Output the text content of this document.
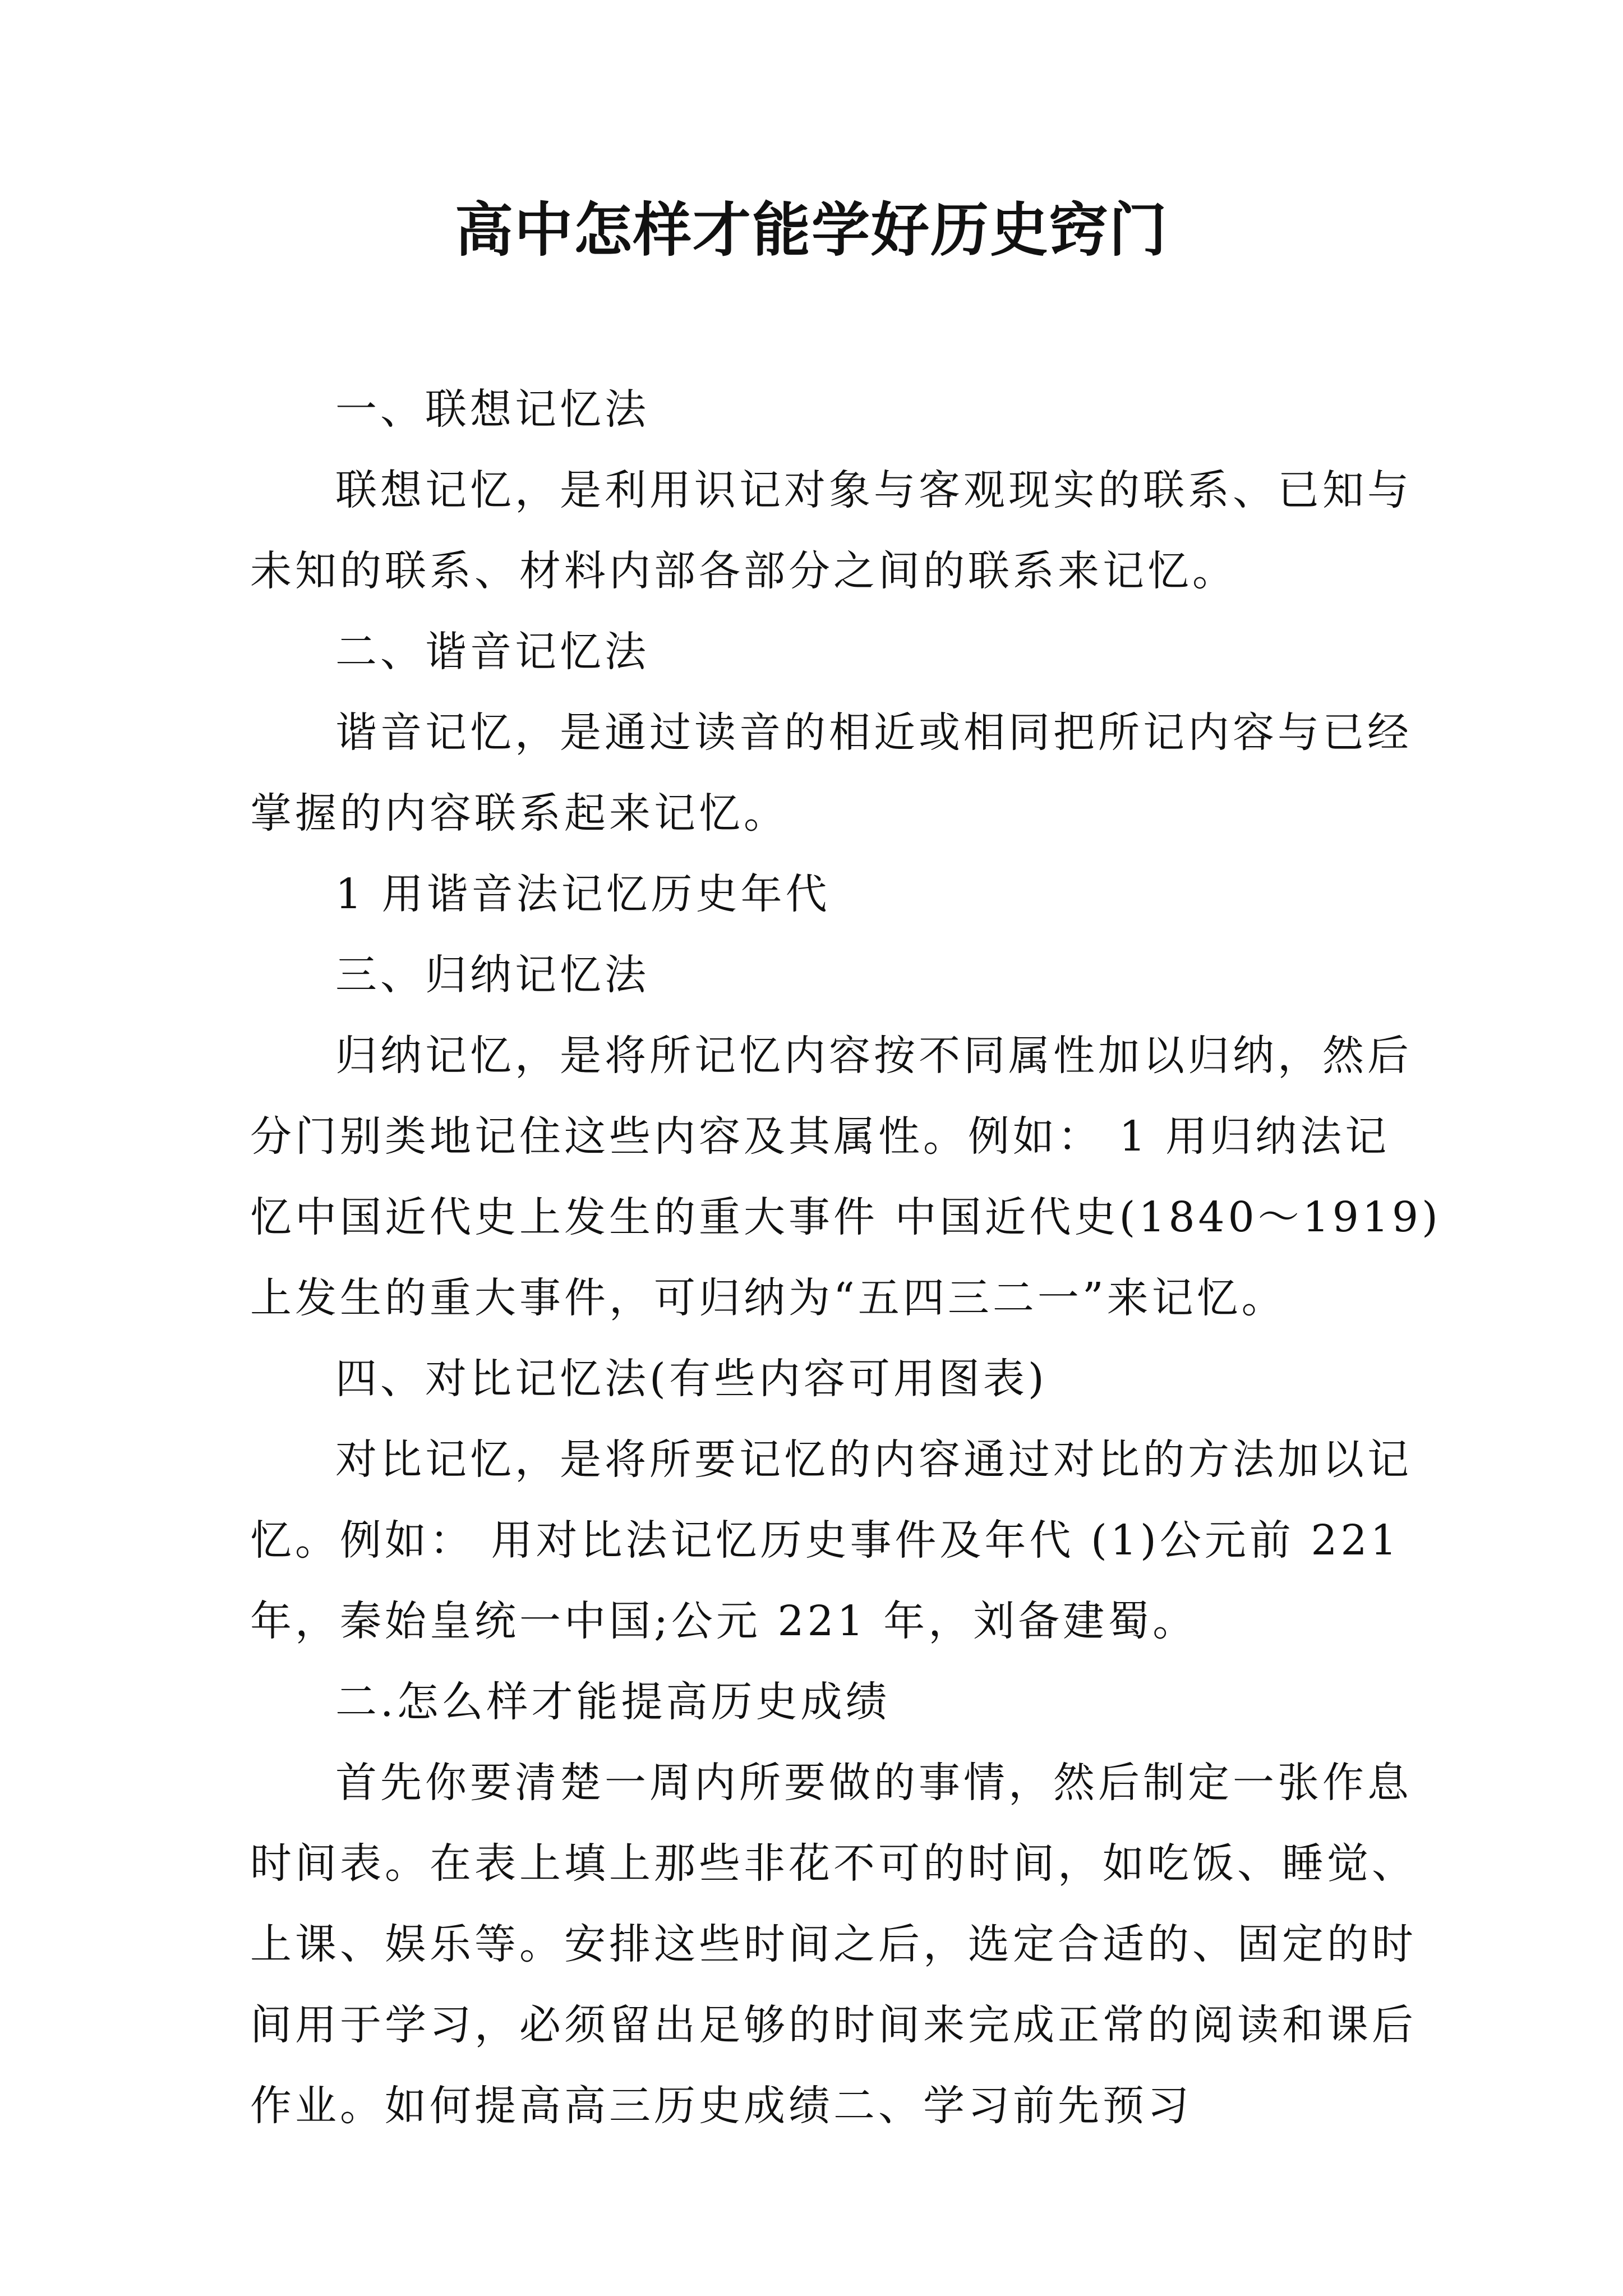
高中怎样才能学好历史窍门
一、联想记忆法
联想记忆，是利用识记对象与客观现实的联系、已知与
未知的联系、材料内部各部分之间的联系来记忆。
二、谐音记忆法
谐音记忆，是通过读音的相近或相同把所记内容与已经
掌握的内容联系起来记忆。
1 用谐音法记忆历史年代
三、归纳记忆法
归纳记忆，是将所记忆内容按不同属性加以归纳，然后
分门别类地记住这些内容及其属性。例如： 1 用归纳法记
忆中国近代史上发生的重大事件 中国近代史(1840～1919)
上发生的重大事件，可归纳为“五四三二一”来记忆。
四、对比记忆法(有些内容可用图表)
对比记忆，是将所要记忆的内容通过对比的方法加以记
忆。例如： 用对比法记忆历史事件及年代 (1)公元前 221
年，秦始皇统一中国;公元 221 年，刘备建蜀。
二.怎么样才能提高历史成绩
首先你要清楚一周内所要做的事情，然后制定一张作息
时间表。在表上填上那些非花不可的时间，如吃饭、睡觉、
上课、娱乐等。安排这些时间之后，选定合适的、固定的时
间用于学习，必须留出足够的时间来完成正常的阅读和课后
作业。如何提高高三历史成绩二、学习前先预习
